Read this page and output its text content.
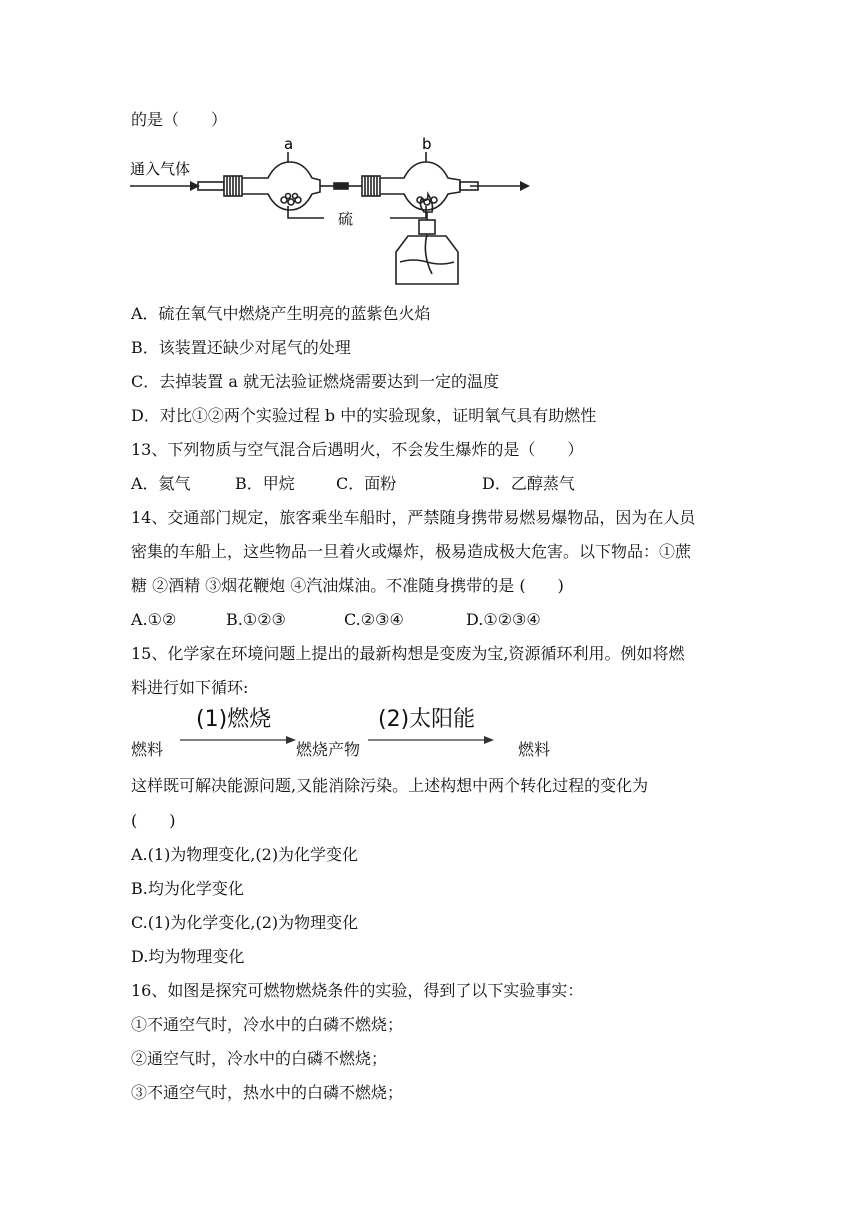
的是（　　）
通入气体
a	b
硫
A．硫在氧气中燃烧产生明亮的蓝紫色火焰
B．该装置还缺少对尾气的处理
C．去掉装置 a 就无法验证燃烧需要达到一定的温度
D．对比①②两个实验过程 b 中的实验现象，证明氧气具有助燃性
13、下列物质与空气混合后遇明火，不会发生爆炸的是（　　）
A．氦气	B．甲烷	C．面粉	D．乙醇蒸气
14、交通部门规定，旅客乘坐车船时，严禁随身携带易燃易爆物品，因为在人员
密集的车船上，这些物品一旦着火或爆炸，极易造成极大危害。以下物品：①蔗
糖 ②酒精 ③烟花鞭炮 ④汽油煤油。不准随身携带的是 (　　)
A.①②	B.①②③	C.②③④	D.①②③④
15、化学家在环境问题上提出的最新构想是变废为宝,资源循环利用。例如将燃
料进行如下循环:
燃料
(1)燃烧
燃烧产物
(2)太阳能
燃料
这样既可解决能源问题,又能消除污染。上述构想中两个转化过程的变化为
(　　)
A.(1)为物理变化,(2)为化学变化
B.均为化学变化
C.(1)为化学变化,(2)为物理变化
D.均为物理变化
16、如图是探究可燃物燃烧条件的实验，得到了以下实验事实：
①不通空气时，冷水中的白磷不燃烧；
②通空气时，冷水中的白磷不燃烧；
③不通空气时，热水中的白磷不燃烧；
